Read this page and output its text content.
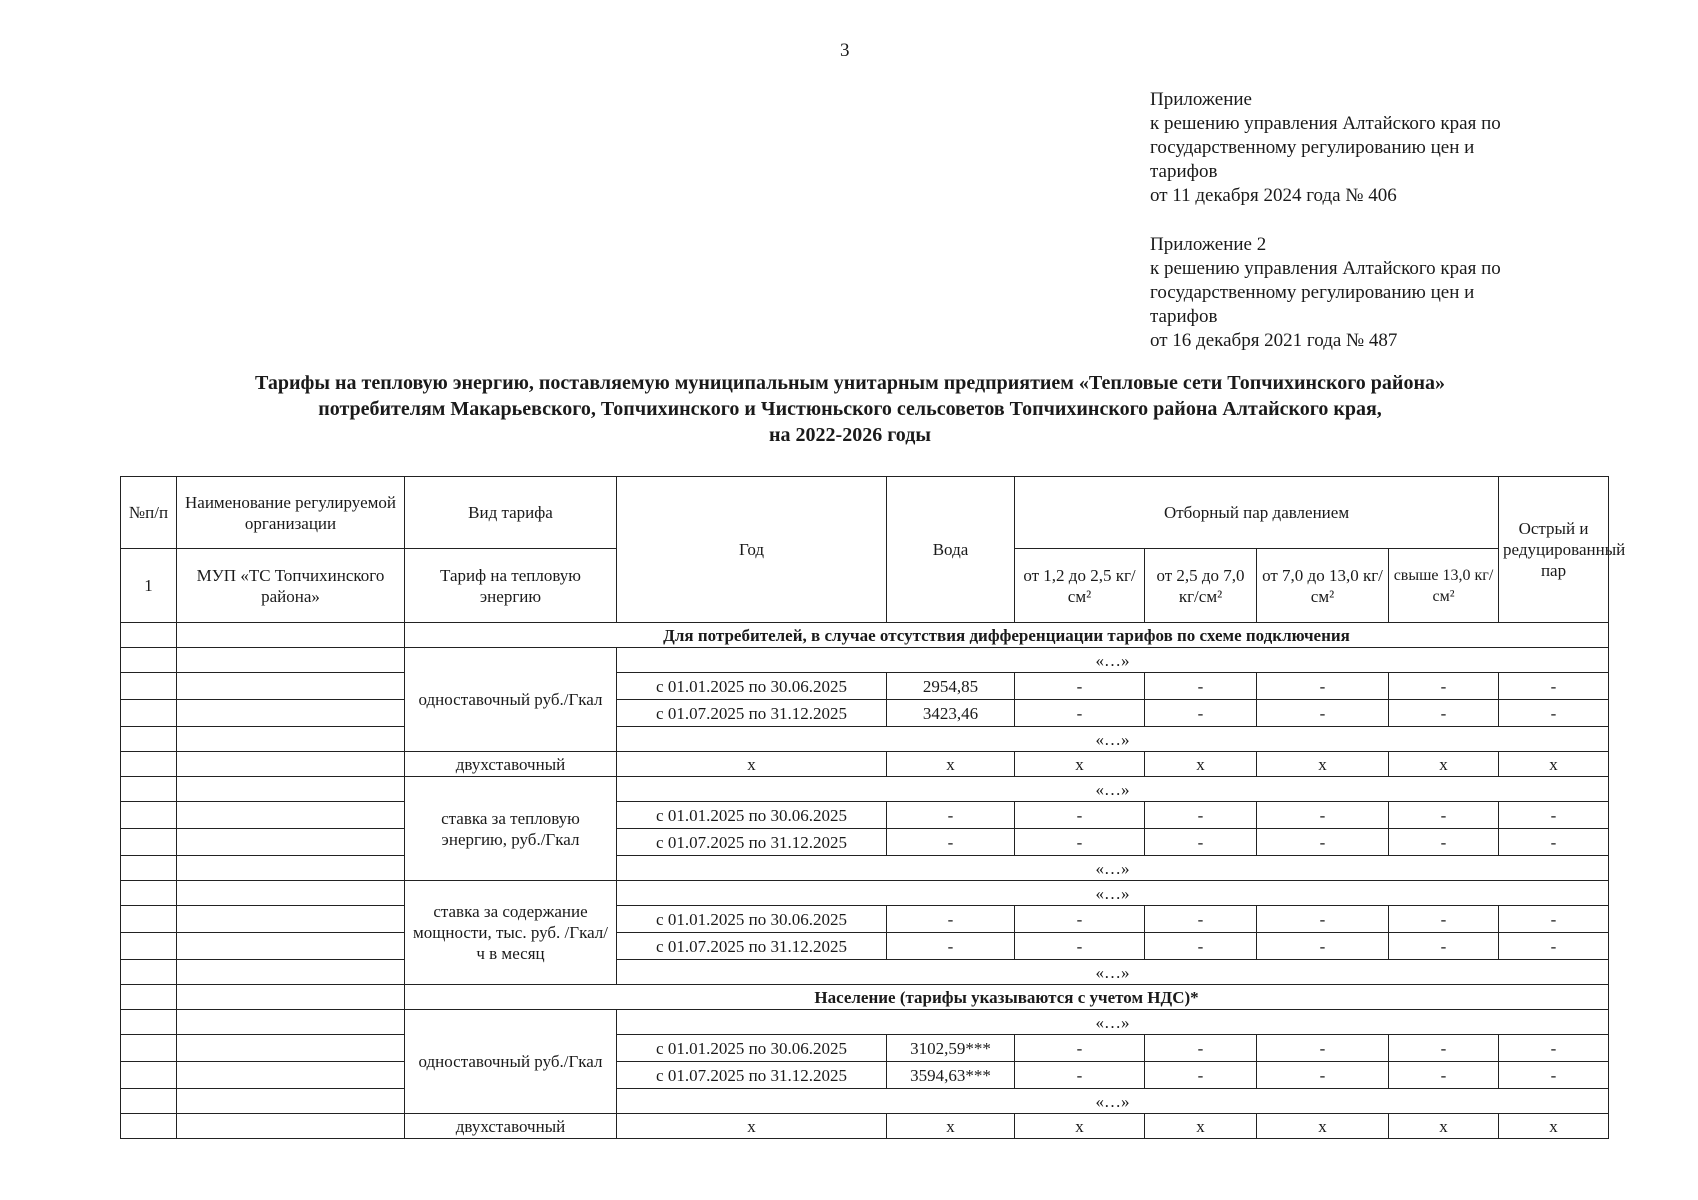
3
Приложение
к решению управления Алтайского края по
государственному регулированию цен и
тарифов
от 11 декабря 2024 года № 406
Приложение 2
к решению управления Алтайского края по
государственному регулированию цен и
тарифов
от 16 декабря 2021 года № 487
Тарифы на тепловую энергию, поставляемую муниципальным унитарным предприятием «Тепловые сети Топчихинского района»
потребителям Макарьевского, Топчихинского и Чистюньского сельсоветов Топчихинского района Алтайского края,
на 2022-2026 годы
№п/п	Наименование регулируемой организации	Вид тарифа	Год	Вода	Отборный пар давлением				Острый и редуцированный пар
1	МУП «ТС Топчихинского района»	Тариф на тепловую энергию			от 1,2 до 2,5 кг/см²	от 2,5 до 7,0 кг/см²	от 7,0 до 13,0 кг/см²	свыше 13,0 кг/см²	
		Для потребителей, в случае отсутствия дифференциации тарифов по схеме подключения							
		одноставочный руб./Гкал	«…»						
			с 01.01.2025 по 30.06.2025	2954,85	-	-	-	-	-
			с 01.07.2025 по 31.12.2025	3423,46	-	-	-	-	-
			«…»						
		двухставочный	x	x	x	x	x	x	x
		ставка за тепловую энергию, руб./Гкал	«…»						
			с 01.01.2025 по 30.06.2025	-	-	-	-	-	-
			с 01.07.2025 по 31.12.2025	-	-	-	-	-	-
			«…»						
		ставка за содержание мощности, тыс. руб. /Гкал/ч в месяц	«…»						
			с 01.01.2025 по 30.06.2025	-	-	-	-	-	-
			с 01.07.2025 по 31.12.2025	-	-	-	-	-	-
			«…»						
		Население (тарифы указываются с учетом НДС)*							
		одноставочный руб./Гкал	«…»						
			с 01.01.2025 по 30.06.2025	3102,59***	-	-	-	-	-
			с 01.07.2025 по 31.12.2025	3594,63***	-	-	-	-	-
			«…»						
		двухставочный	x	x	x	x	x	x	x
